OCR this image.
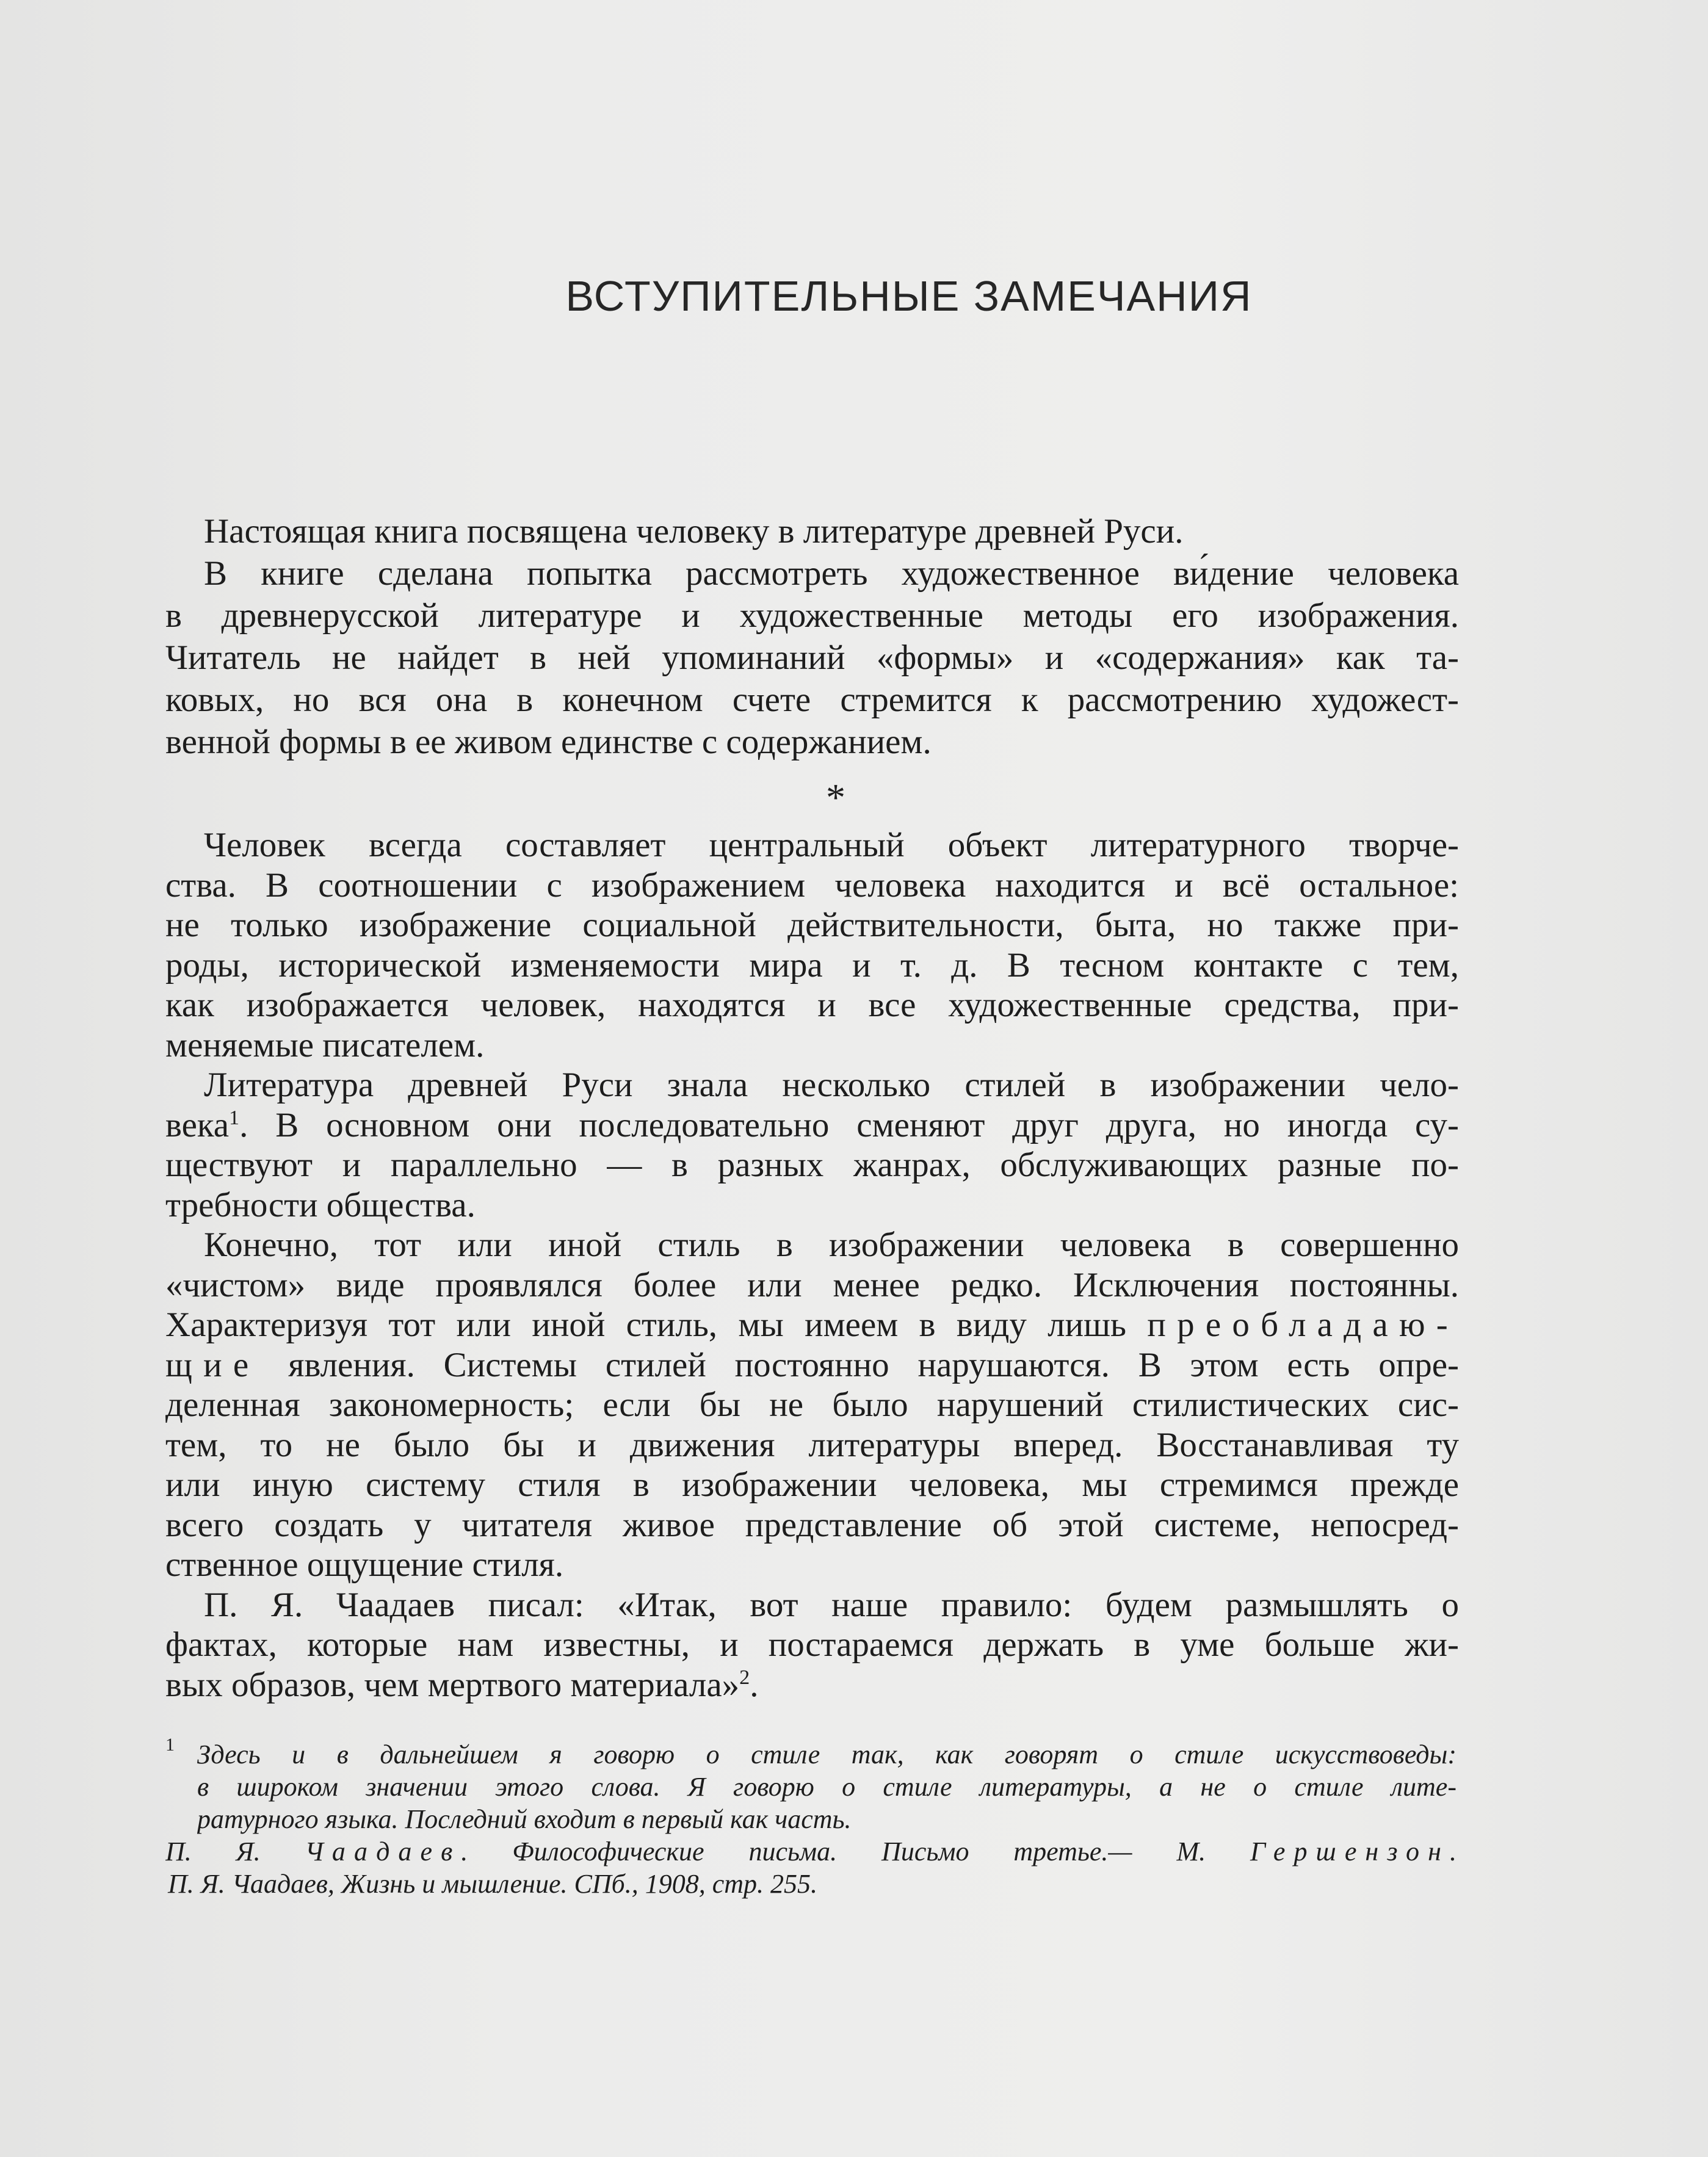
ВСТУПИТЕЛЬНЫЕ ЗАМЕЧАНИЯ
Настоящая книга посвящена человеку в литературе древней Руси.
В книге сделана попытка рассмотреть художественное ви́дение человека
в древнерусской литературе и художественные методы его изображения.
Читатель не найдет в ней упоминаний «формы» и «содержания» как та-
ковых, но вся она в конечном счете стремится к рассмотрению художест-
венной формы в ее живом единстве с содержанием.
*
Человек всегда составляет центральный объект литературного творче-
ства. В соотношении с изображением человека находится и всё остальное:
не только изображение социальной действительности, быта, но также при-
роды, исторической изменяемости мира и т. д. В тесном контакте с тем,
как изображается человек, находятся и все художественные средства, при-
меняемые писателем.
Литература древней Руси знала несколько стилей в изображении чело-
века$^1$. В основном они последовательно сменяют друг друга, но иногда су-
ществуют и параллельно — в разных жанрах, обслуживающих разные по-
требности общества.
Конечно, тот или иной стиль в изображении человека в совершенно
«чистом» виде проявлялся более или менее редко. Исключения постоянны.
Характеризуя тот или иной стиль, мы имеем в виду лишь преобладаю-
щие явления. Системы стилей постоянно нарушаются. В этом есть опре-
деленная закономерность; если бы не было нарушений стилистических сис-
тем, то не было бы и движения литературы вперед. Восстанавливая ту
или иную систему стиля в изображении человека, мы стремимся прежде
всего создать у читателя живое представление об этой системе, непосред-
ственное ощущение стиля.
П. Я. Чаадаев писал: «Итак, вот наше правило: будем размышлять о
фактах, которые нам известны, и постараемся держать в уме больше жи-
вых образов, чем мертвого материала»$^2$.
1 Здесь и в дальнейшем я говорю о стиле так, как говорят о стиле искусствоведы:
в широком значении этого слова. Я говорю о стиле литературы, а не о стиле лите-
ратурного языка. Последний входит в первый как часть.
П. Я. Чаадаев. Философические письма. Письмо третье.— М. Гершензон.
П. Я. Чаадаев, Жизнь и мышление. СПб., 1908, стр. 255.
